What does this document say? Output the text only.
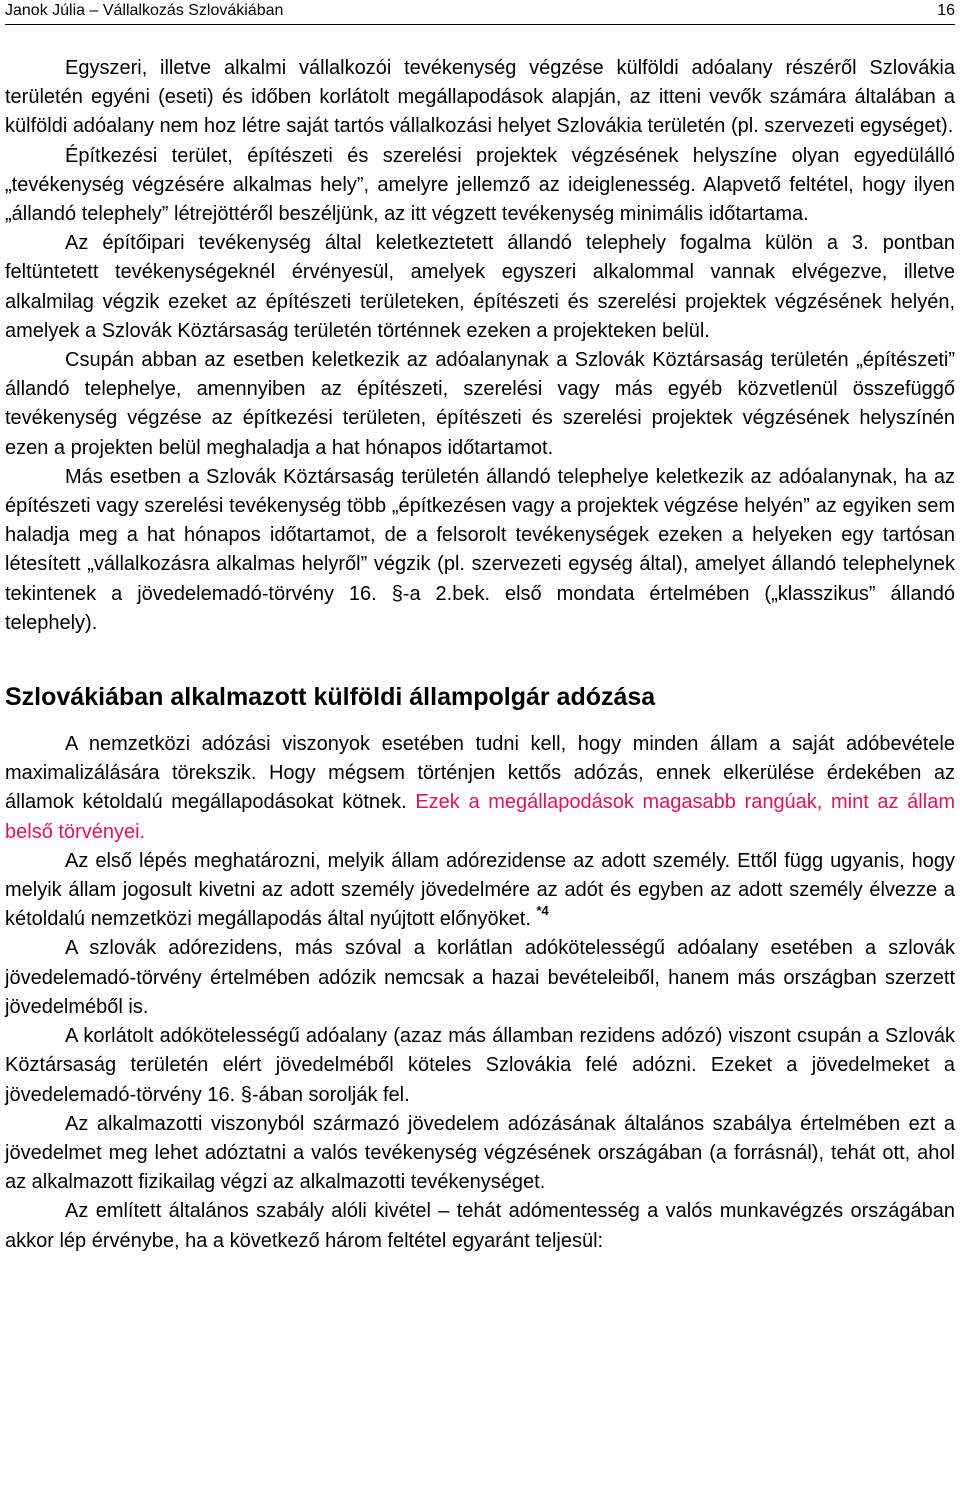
Janok Júlia – Vállalkozás Szlovákiában	16

Egyszeri, illetve alkalmi vállalkozói tevékenység végzése külföldi adóalany részéről Szlovákia területén egyéni (eseti) és időben korlátolt megállapodások alapján, az itteni vevők számára általában a külföldi adóalany nem hoz létre saját tartós vállalkozási helyet Szlovákia területén (pl. szervezeti egységet).

Építkezési terület, építészeti és szerelési projektek végzésének helyszíne olyan egyedülálló „tevékenység végzésére alkalmas hely”, amelyre jellemző az ideiglenesség. Alapvető feltétel, hogy ilyen „állandó telephely” létrejöttéről beszéljünk, az itt végzett tevékenység minimális időtartama.

Az építőipari tevékenység által keletkeztetett állandó telephely fogalma külön a 3. pontban feltüntetett tevékenységeknél érvényesül, amelyek egyszeri alkalommal vannak elvégezve, illetve alkalmilag végzik ezeket az építészeti területeken, építészeti és szerelési projektek végzésének helyén, amelyek a Szlovák Köztársaság területén történnek ezeken a projekteken belül.

Csupán abban az esetben keletkezik az adóalanynak a Szlovák Köztársaság területén „építészeti” állandó telephelye, amennyiben az építészeti, szerelési vagy más egyéb közvetlenül összefüggő tevékenység végzése az építkezési területen, építészeti és szerelési projektek végzésének helyszínén ezen a projekten belül meghaladja a hat hónapos időtartamot.

Más esetben a Szlovák Köztársaság területén állandó telephelye keletkezik az adóalanynak, ha az építészeti vagy szerelési tevékenység több „építkezésen vagy a projektek végzése helyén” az egyiken sem haladja meg a hat hónapos időtartamot, de a felsorolt tevékenységek ezeken a helyeken egy tartósan létesített „vállalkozásra alkalmas helyről” végzik (pl. szervezeti egység által), amelyet állandó telephelynek tekintenek a jövedelemadó-törvény 16. §-a 2.bek. első mondata értelmében („klasszikus” állandó telephely).

Szlovákiában alkalmazott külföldi állampolgár adózása

A nemzetközi adózási viszonyok esetében tudni kell, hogy minden állam a saját adóbevétele maximalizálására törekszik. Hogy mégsem történjen kettős adózás, ennek elkerülése érdekében az államok kétoldalú megállapodásokat kötnek. Ezek a megállapodások magasabb rangúak, mint az állam belső törvényei.

Az első lépés meghatározni, melyik állam adórezidense az adott személy. Ettől függ ugyanis, hogy melyik állam jogosult kivetni az adott személy jövedelmére az adót és egyben az adott személy élvezze a kétoldalú nemzetközi megállapodás által nyújtott előnyöket. $^{*4}$

A szlovák adórezidens, más szóval a korlátlan adókötelességű adóalany esetében a szlovák jövedelemadó-törvény értelmében adózik nemcsak a hazai bevételeiből, hanem más országban szerzett jövedelméből is.

A korlátolt adókötelességű adóalany (azaz más államban rezidens adózó) viszont csupán a Szlovák Köztársaság területén elért jövedelméből köteles Szlovákia felé adózni. Ezeket a jövedelmeket a jövedelemadó-törvény 16. §-ában sorolják fel.

Az alkalmazotti viszonyból származó jövedelem adózásának általános szabálya értelmében ezt a jövedelmet meg lehet adóztatni a valós tevékenység végzésének országában (a forrásnál), tehát ott, ahol az alkalmazott fizikailag végzi az alkalmazotti tevékenységet.

Az említett általános szabály alóli kivétel – tehát adómentesség a valós munkavégzés országában akkor lép érvénybe, ha a következő három feltétel egyaránt teljesül:
